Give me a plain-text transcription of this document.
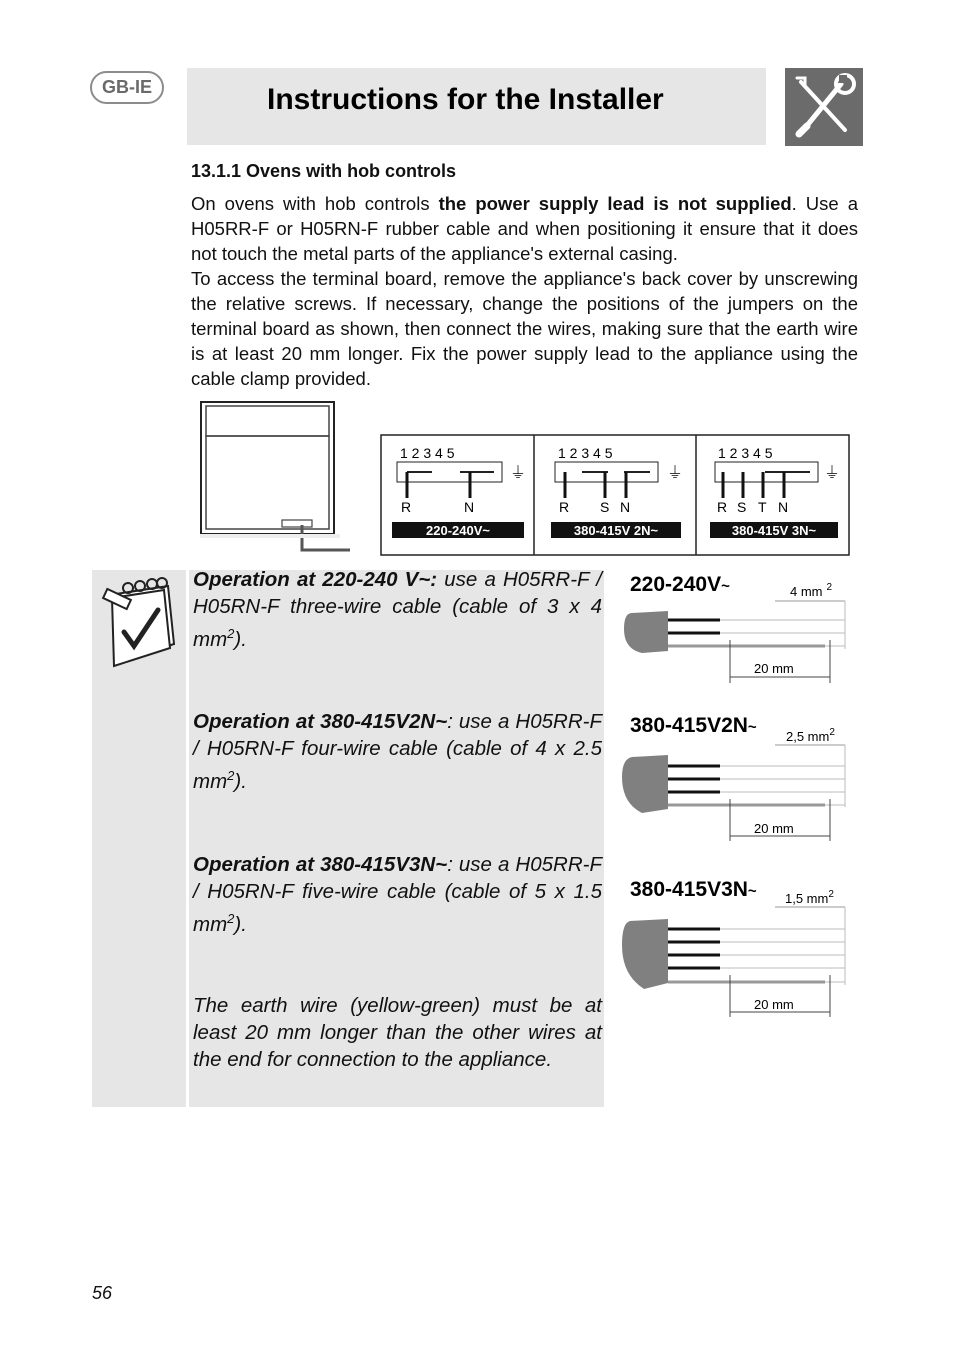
GB-IE	Instructions for the Installer
13.1.1 Ovens with hob controls

On ovens with hob controls the power supply lead is not supplied. Use a H05RR-F or H05RN-F rubber cable and when positioning it ensure that it does not touch the metal parts of the appliance's external casing.

To access the terminal board, remove the appliance's back cover by unscrewing the relative screws. If necessary, change the positions of the jumpers on the terminal board as shown, then connect the wires, making sure that the earth wire is at least 20 mm longer. Fix the power supply lead to the appliance using the cable clamp provided.

1 2 3 4 5
R	N
⏚
220-240V~
1 2 3 4 5
R S N
⏚
380-415V 2N~
1 2 3 4 5
R S T N
⏚
380-415V 3N~
Operation at 220-240 V~: use a H05RR-F / H05RN-F three-wire cable (cable of 3 x 4 $mm^2$).
Operation at 380-415V2N~: use a H05RR-F / H05RN-F four-wire cable (cable of 4 x 2.5 $mm^2$).
Operation at 380-415V3N~: use a H05RR-F / H05RN-F five-wire cable (cable of 5 x 1.5 $mm^2$).
The earth wire (yellow-green) must be at least 20 mm longer than the other wires at the end for connection to the appliance.
220-240V~	4 mm $^2$
20 mm
380-415V2N~
2,5 $mm^2$
20 mm
380-415V3N~ 1,5 $mm^2$
20 mm
56
